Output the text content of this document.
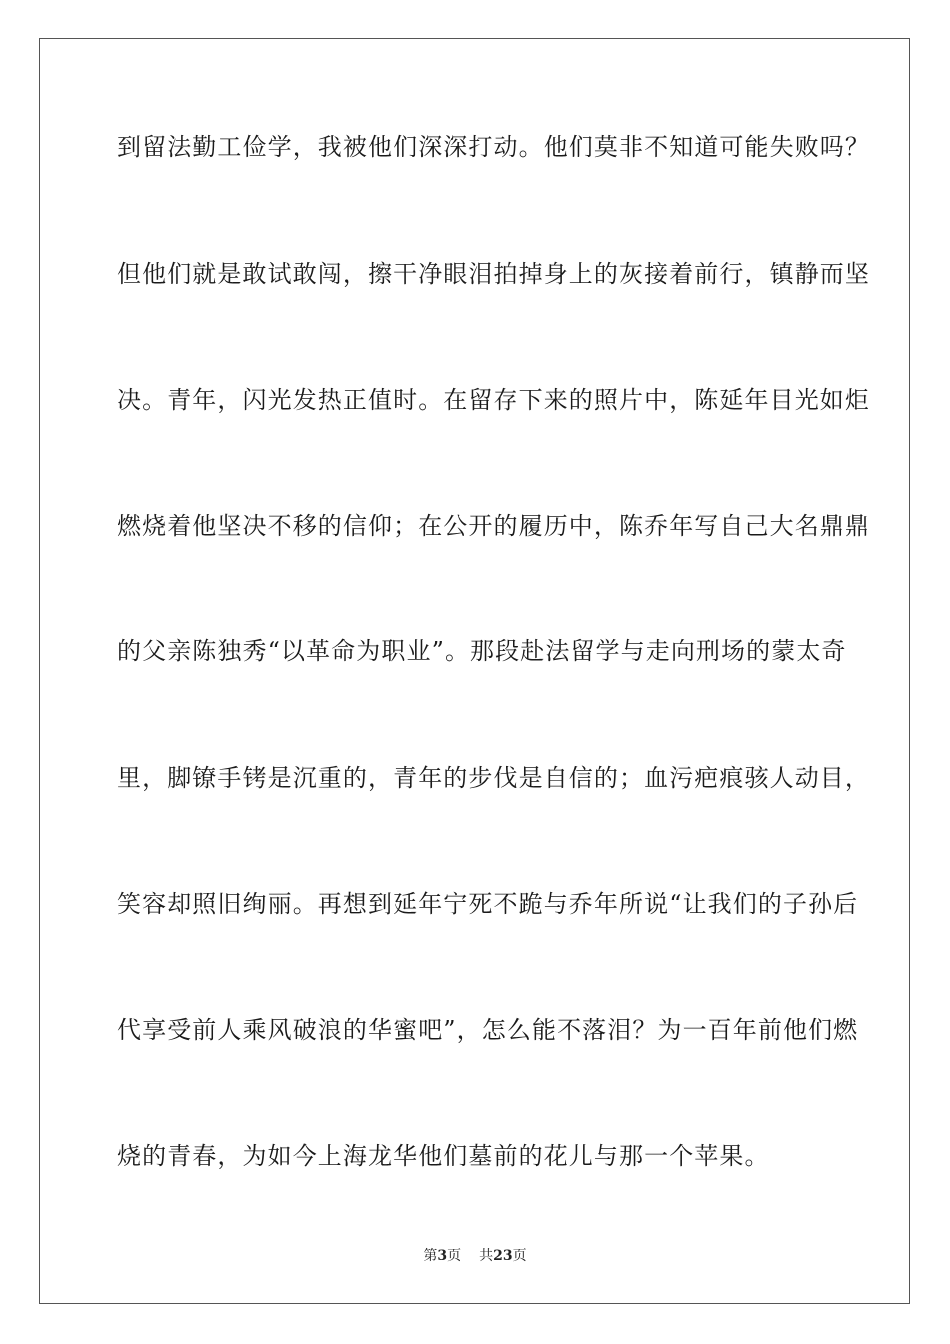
到留法勤工俭学，我被他们深深打动。他们莫非不知道可能失败吗？
但他们就是敢试敢闯，擦干净眼泪拍掉身上的灰接着前行，镇静而坚
决。青年，闪光发热正值时。在留存下来的照片中，陈延年目光如炬
燃烧着他坚决不移的信仰；在公开的履历中，陈乔年写自己大名鼎鼎
的父亲陈独秀“以革命为职业”。那段赴法留学与走向刑场的蒙太奇
里，脚镣手铐是沉重的，青年的步伐是自信的；血污疤痕骇人动目，
笑容却照旧绚丽。再想到延年宁死不跪与乔年所说“让我们的子孙后
代享受前人乘风破浪的华蜜吧”，怎么能不落泪？为一百年前他们燃
烧的青春，为如今上海龙华他们墓前的花儿与那一个苹果。
第3页 共23页
